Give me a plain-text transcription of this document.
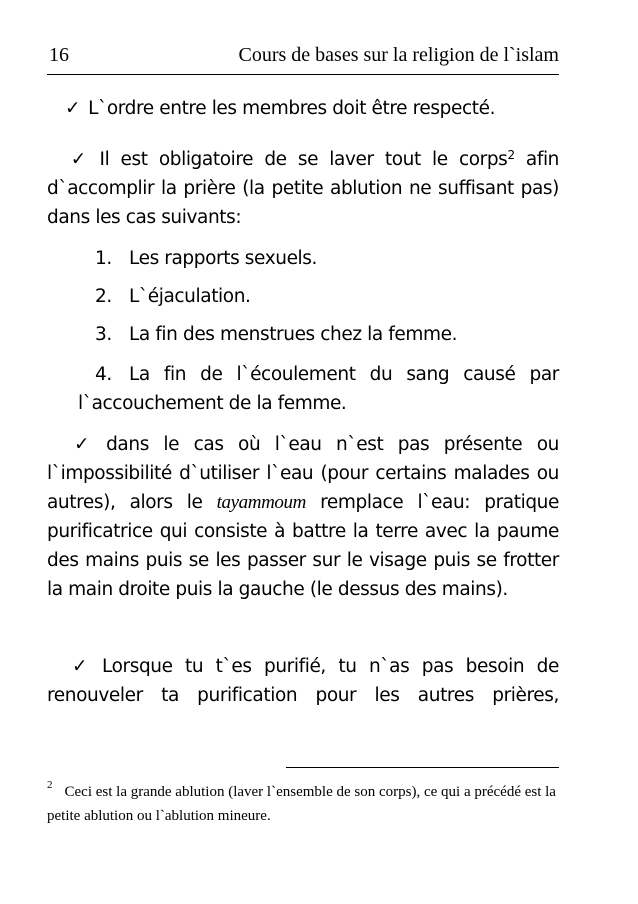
16	Cours de bases sur la religion de l`islam
✓ L`ordre entre les membres doit être respecté.
✓ Il est obligatoire de se laver tout le corps$^2$ afin d`accomplir la prière (la petite ablution ne suffisant pas) dans les cas suivants:
1. Les rapports sexuels.
2. L`éjaculation.
3. La fin des menstrues chez la femme.
4. La fin de l`écoulement du sang causé par
l`accouchement de la femme.
✓ dans le cas où l`eau n`est pas présente ou l`impossibilité d`utiliser l`eau (pour certains malades ou autres), alors le tayammoum remplace l`eau: pratique purificatrice qui consiste à battre la terre avec la paume des mains puis se les passer sur le visage puis se frotter la main droite puis la gauche (le dessus des mains).
✓ Lorsque tu t`es purifié, tu n`as pas besoin de renouveler ta purification pour les autres prières,
$^2$ Ceci est la grande ablution (laver l`ensemble de son corps), ce qui a précédé est la petite ablution ou l`ablution mineure.
